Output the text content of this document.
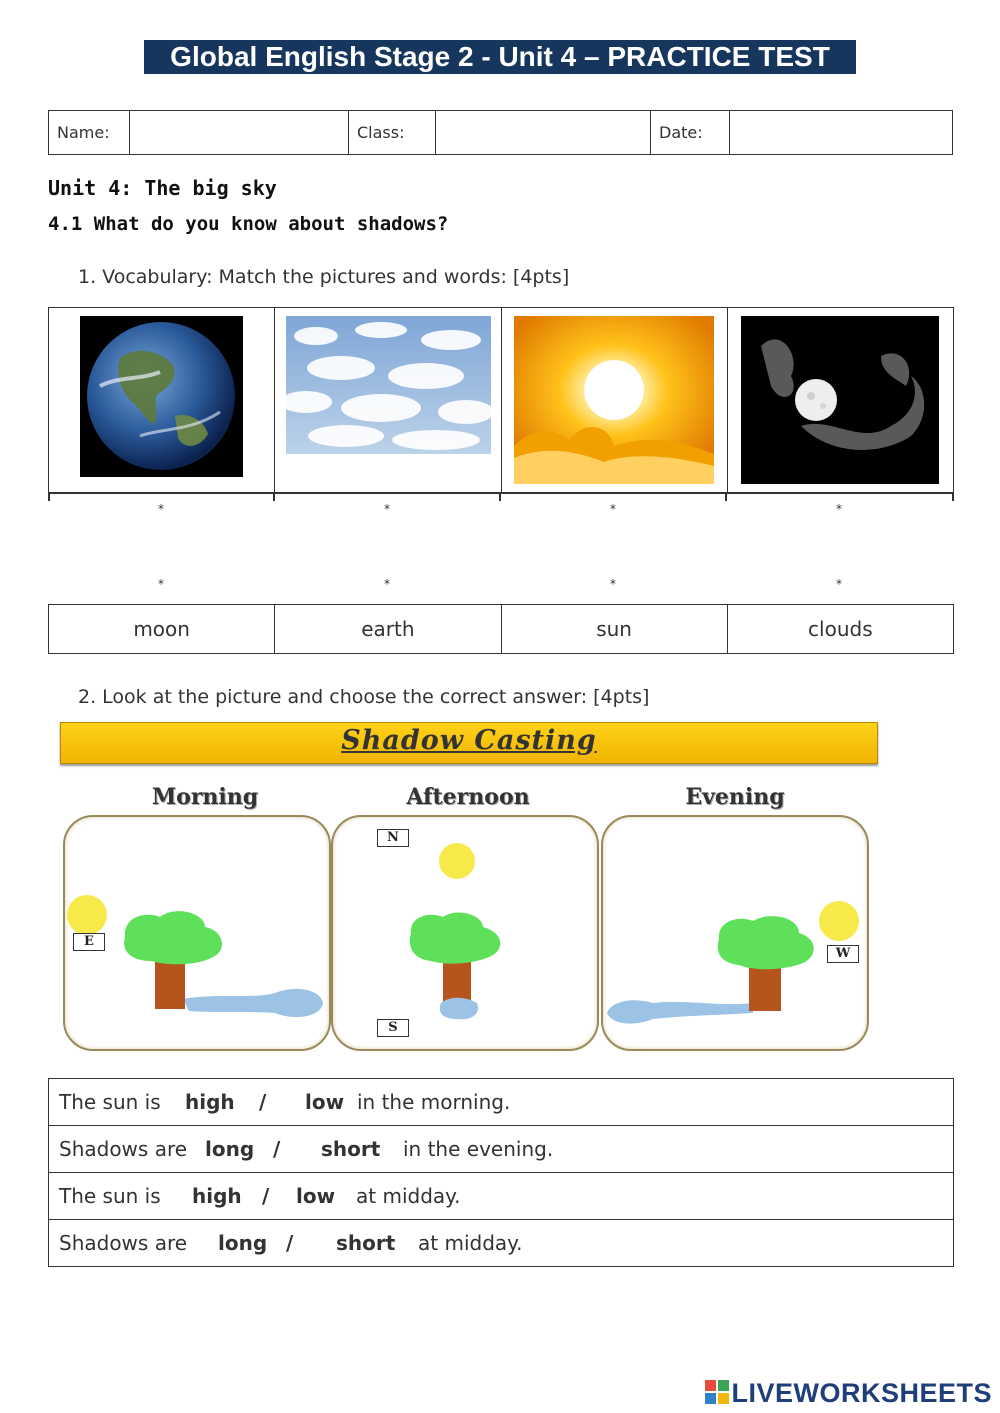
Global English Stage 2 - Unit 4 – PRACTICE TEST
Name:		Class:		Date:	
Unit 4: The big sky
4.1 What do you know about shadows?
1. Vocabulary: Match the pictures and words: [4pts]

*	*	*	*
*	*	*	*
moon	earth	sun	clouds
2. Look at the picture and choose the correct answer: [4pts]
Shadow Casting
Morning	Afternoon	Evening
E
N
S
W
The sun is high / low in the morning.
Shadows are long / short in the evening.
The sun is high / low at midday.
Shadows are long / short at midday.
LIVEWORKSHEETS
